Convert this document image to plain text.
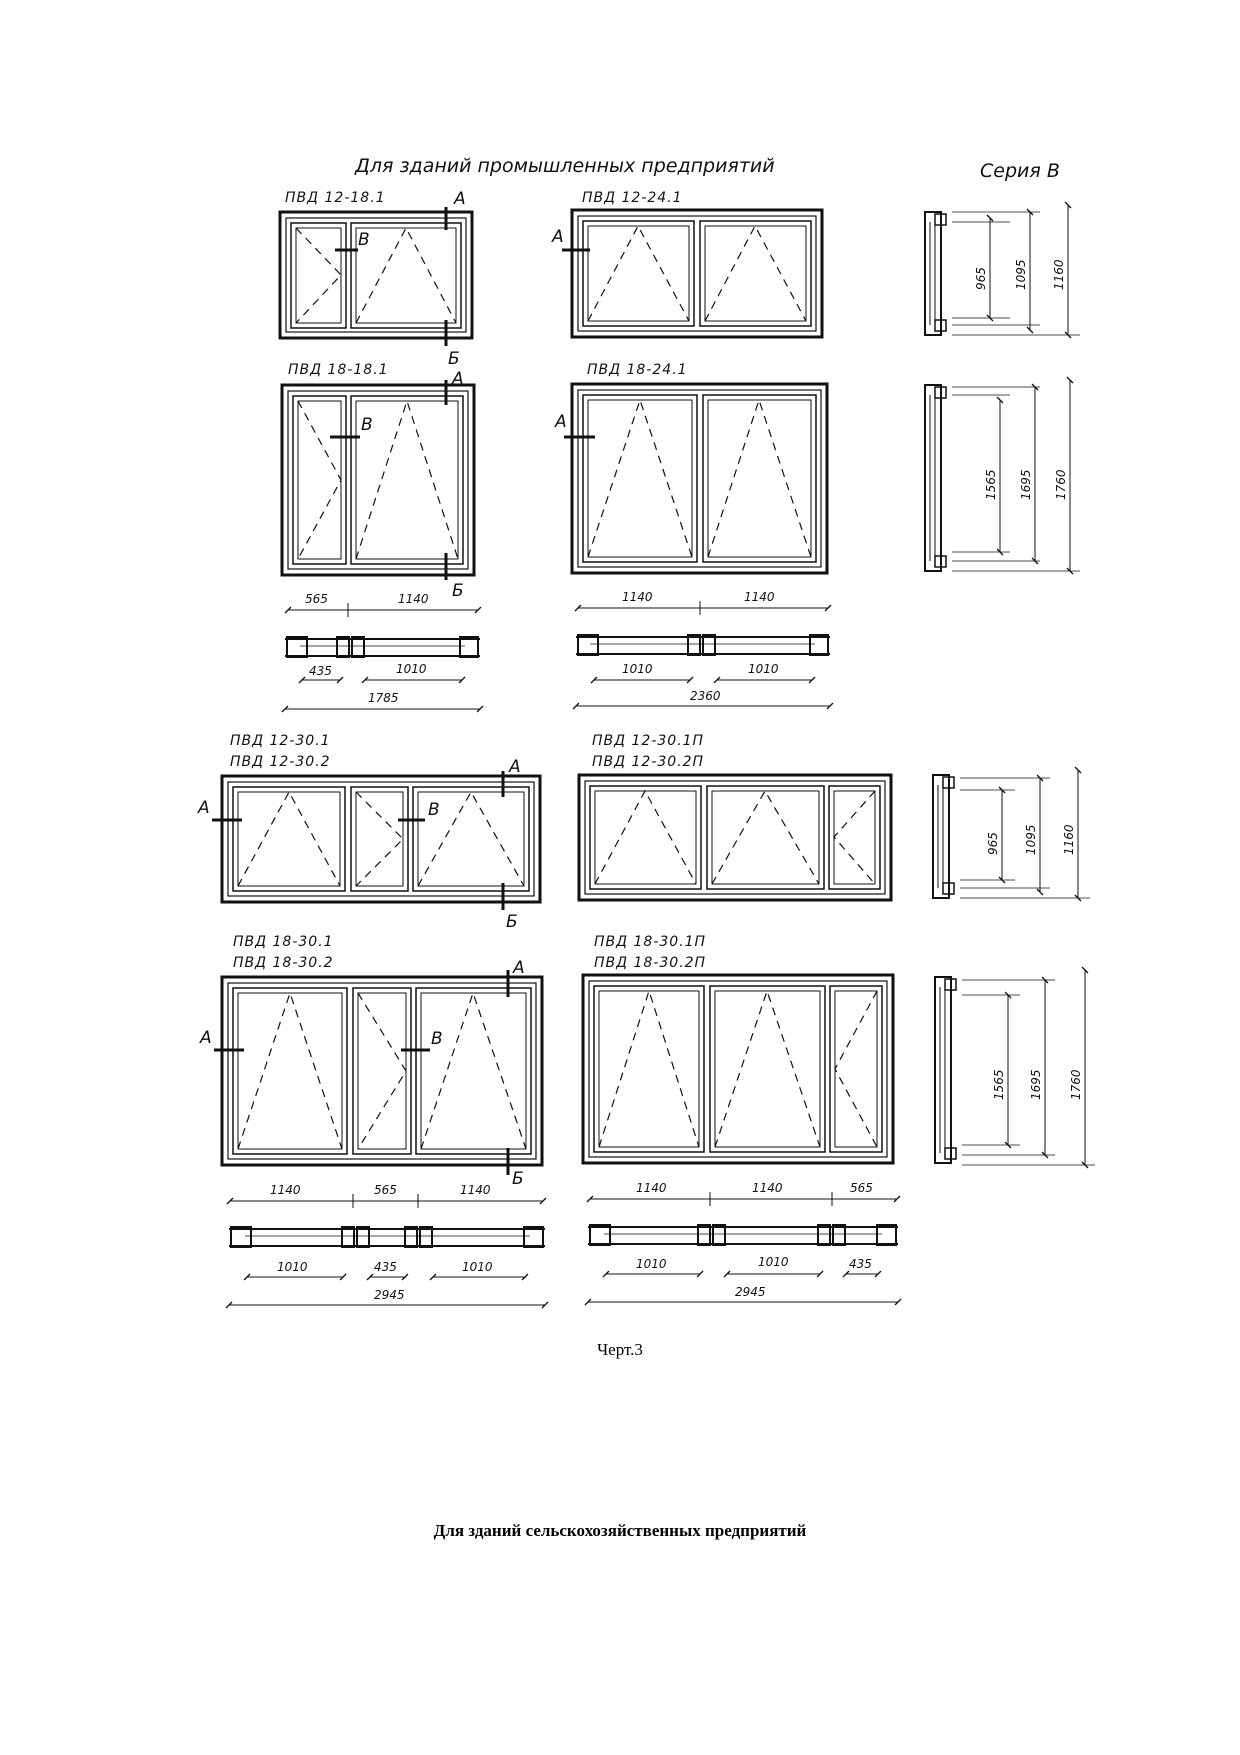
Для зданий промышленных предприятий	Серия В
ПВД 12-18.1
В
А
Б
ПВД 12-24.1
А
965 1095 1160
ПВД 18-18.1
В
А
Б
ПВД 18-24.1
А
1565 1695 1760
565	1140
435	1010
1785
1140	1140
1010	1010
2360
ПВД 12-30.1
ПВД 12-30.2
А	В
А
Б
ПВД 12-30.1П
ПВД 12-30.2П
965 1095 1160
ПВД 18-30.1
ПВД 18-30.2
А	В
А
Б
ПВД 18-30.1П
ПВД 18-30.2П
1565 1695 1760
1140	565	1140
1010	435	1010
2945
1140	1140	565
1010	1010	435
2945
Черт.3
Для зданий сельскохозяйственных предприятий
